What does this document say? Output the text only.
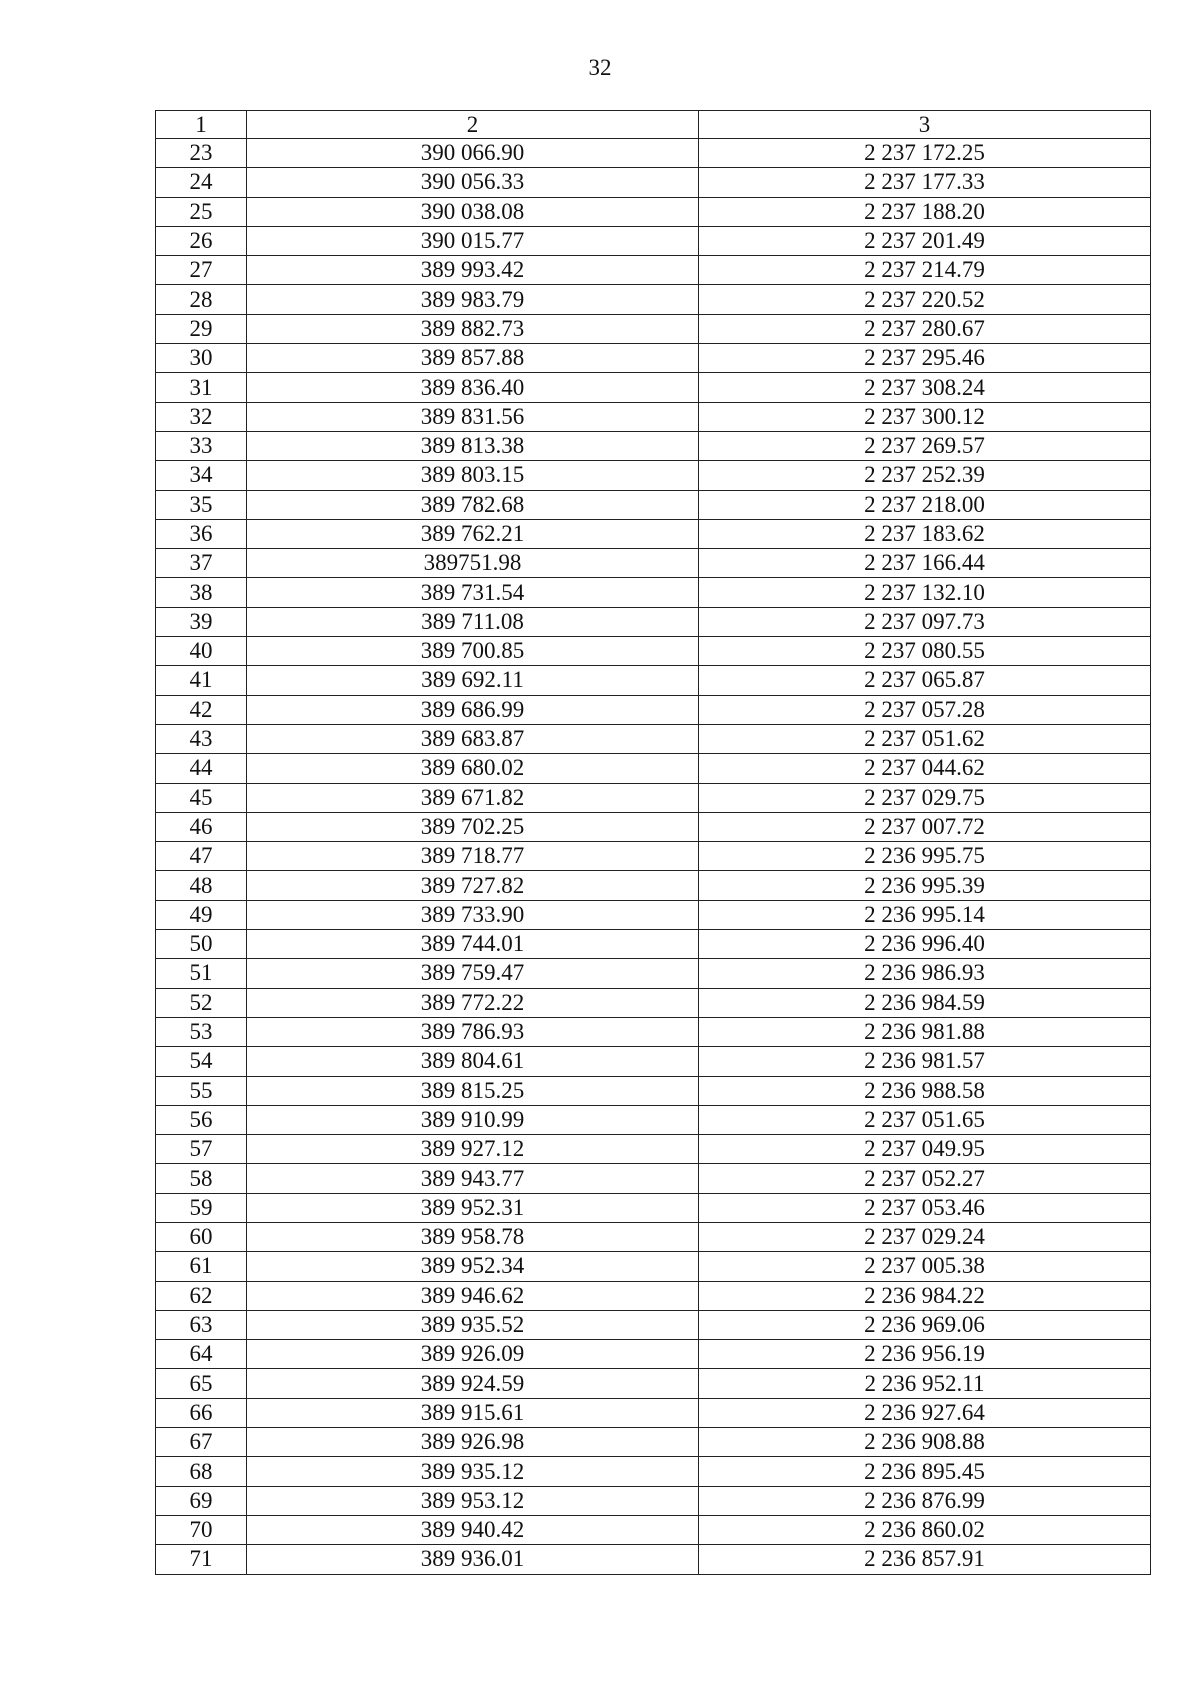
32
1	2	3
23	390 066.90	2 237 172.25
24	390 056.33	2 237 177.33
25	390 038.08	2 237 188.20
26	390 015.77	2 237 201.49
27	389 993.42	2 237 214.79
28	389 983.79	2 237 220.52
29	389 882.73	2 237 280.67
30	389 857.88	2 237 295.46
31	389 836.40	2 237 308.24
32	389 831.56	2 237 300.12
33	389 813.38	2 237 269.57
34	389 803.15	2 237 252.39
35	389 782.68	2 237 218.00
36	389 762.21	2 237 183.62
37	389751.98	2 237 166.44
38	389 731.54	2 237 132.10
39	389 711.08	2 237 097.73
40	389 700.85	2 237 080.55
41	389 692.11	2 237 065.87
42	389 686.99	2 237 057.28
43	389 683.87	2 237 051.62
44	389 680.02	2 237 044.62
45	389 671.82	2 237 029.75
46	389 702.25	2 237 007.72
47	389 718.77	2 236 995.75
48	389 727.82	2 236 995.39
49	389 733.90	2 236 995.14
50	389 744.01	2 236 996.40
51	389 759.47	2 236 986.93
52	389 772.22	2 236 984.59
53	389 786.93	2 236 981.88
54	389 804.61	2 236 981.57
55	389 815.25	2 236 988.58
56	389 910.99	2 237 051.65
57	389 927.12	2 237 049.95
58	389 943.77	2 237 052.27
59	389 952.31	2 237 053.46
60	389 958.78	2 237 029.24
61	389 952.34	2 237 005.38
62	389 946.62	2 236 984.22
63	389 935.52	2 236 969.06
64	389 926.09	2 236 956.19
65	389 924.59	2 236 952.11
66	389 915.61	2 236 927.64
67	389 926.98	2 236 908.88
68	389 935.12	2 236 895.45
69	389 953.12	2 236 876.99
70	389 940.42	2 236 860.02
71	389 936.01	2 236 857.91
